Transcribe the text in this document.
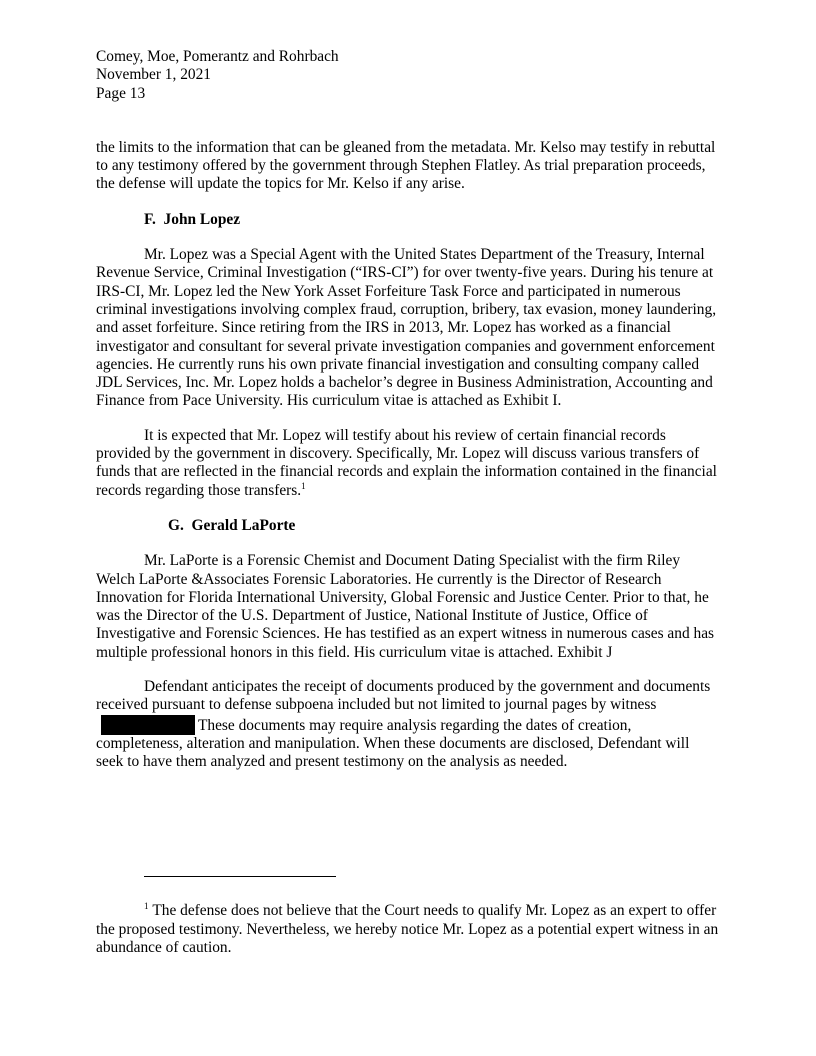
Comey, Moe, Pomerantz and Rohrbach
November 1, 2021
Page 13

the limits to the information that can be gleaned from the metadata. Mr. Kelso may testify in rebuttal to any testimony offered by the government through Stephen Flatley. As trial preparation proceeds, the defense will update the topics for Mr. Kelso if any arise.

F. John Lopez

Mr. Lopez was a Special Agent with the United States Department of the Treasury, Internal Revenue Service, Criminal Investigation (“IRS-CI”) for over twenty-five years. During his tenure at IRS-CI, Mr. Lopez led the New York Asset Forfeiture Task Force and participated in numerous criminal investigations involving complex fraud, corruption, bribery, tax evasion, money laundering, and asset forfeiture. Since retiring from the IRS in 2013, Mr. Lopez has worked as a financial investigator and consultant for several private investigation companies and government enforcement agencies. He currently runs his own private financial investigation and consulting company called JDL Services, Inc. Mr. Lopez holds a bachelor’s degree in Business Administration, Accounting and Finance from Pace University. His curriculum vitae is attached as Exhibit I.

It is expected that Mr. Lopez will testify about his review of certain financial records provided by the government in discovery. Specifically, Mr. Lopez will discuss various transfers of funds that are reflected in the financial records and explain the information contained in the financial records regarding those transfers.$^1$

G. Gerald LaPorte

Mr. LaPorte is a Forensic Chemist and Document Dating Specialist with the firm Riley Welch LaPorte &Associates Forensic Laboratories. He currently is the Director of Research Innovation for Florida International University, Global Forensic and Justice Center. Prior to that, he was the Director of the U.S. Department of Justice, National Institute of Justice, Office of Investigative and Forensic Sciences. He has testified as an expert witness in numerous cases and has multiple professional honors in this field. His curriculum vitae is attached. Exhibit J

Defendant anticipates the receipt of documents produced by the government and documents received pursuant to defense subpoena included but not limited to journal pages by witnessThese documents may require analysis regarding the dates of creation, completeness, alteration and manipulation. When these documents are disclosed, Defendant will seek to have them analyzed and present testimony on the analysis as needed.

$^1$ The defense does not believe that the Court needs to qualify Mr. Lopez as an expert to offer the proposed testimony. Nevertheless, we hereby notice Mr. Lopez as a potential expert witness in an abundance of caution.
